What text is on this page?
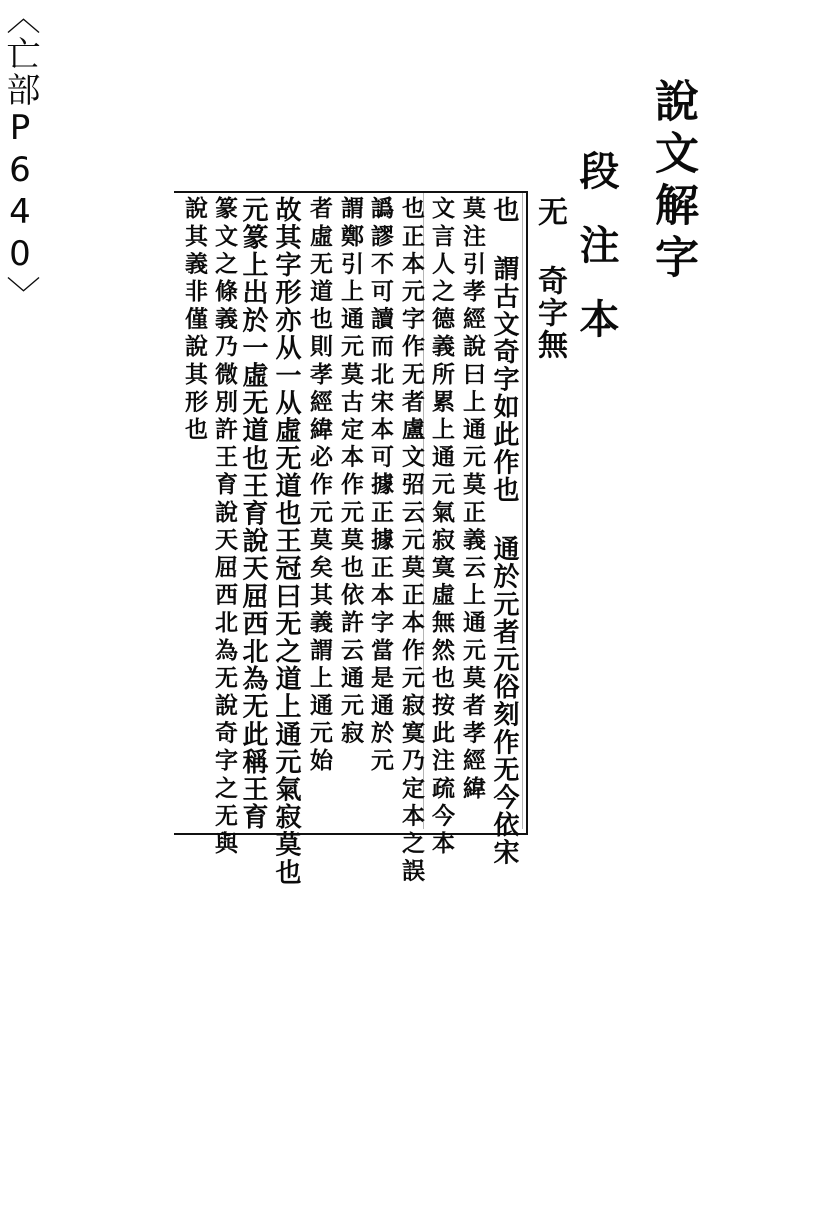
說文解字
段注本
无 奇字無
也 謂古文奇字如此作也 通於元者元俗刻作无今依宋
莫注引孝經說曰上通元莫正義云上通元莫者孝經緯
文言人之德義所累上通元氣寂寞虛無然也按此注疏今本
也正本元字作无者盧文弨云元莫正本作元寂寞乃定本之誤
譌謬不可讀而北宋本可據正據正本字當是通於元
謂鄭引上通元莫古定本作元莫也依許云通元寂
者虛无道也則孝經緯必作元莫矣其義謂上通元始
故其字形亦从一从虛无道也王冠曰无之道上通元氣寂莫也
元篆上出於一虛无道也王育說天屈西北為无此稱王育
篆文之條義乃微別許王育說天屈西北為无說奇字之无與
說其義非僅說其形也
〈亡部P640〉
